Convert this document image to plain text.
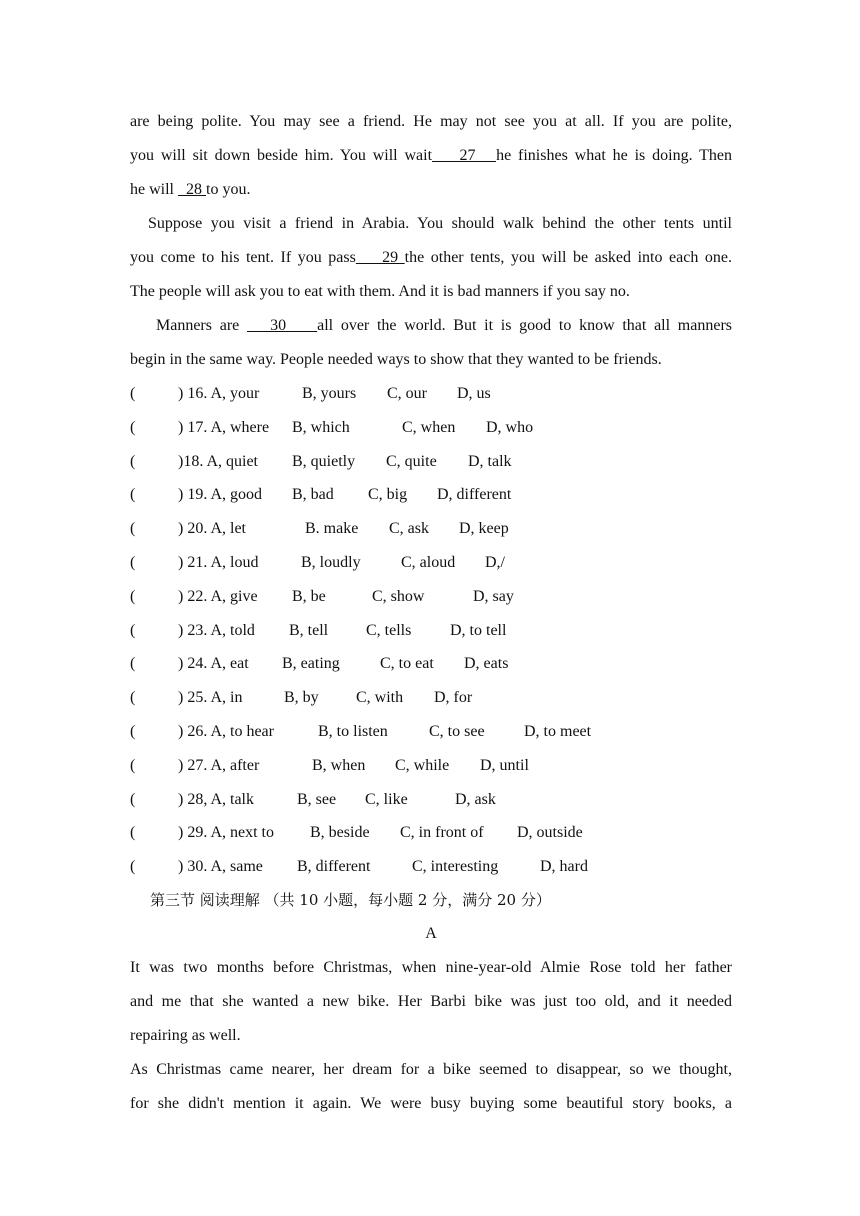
are being polite. You may see a friend. He may not see you at all. If you are polite,
you will sit down beside him. You will wait    27   he finishes what he is doing. Then
he will   28 to you.
Suppose you visit a friend in Arabia. You should walk behind the other tents until
you come to his tent. If you pass    29 the other tents, you will be asked into each one.
The people will ask you to eat with them. And it is bad manners if you say no.
Manners are    30    all over the world. But it is good to know that all manners
begin in the same way. People needed ways to show that they wanted to be friends.
(	) 16. A, your	B, yours C, our D, us
(	) 17. A, where B, which	C, when D, who
(	)18. A, quiet B, quietly C, quite D, talk
(	) 19. A, good B, bad C, big D, different
(	) 20. A, let	B. make C, ask D, keep
(	) 21. A, loud	B, loudly	C, aloud D,/
(	) 22. A, give B, be	C, show	D, say
(	) 23. A, told B, tell C, tells D, to tell
(	) 24. A, eat B, eating	C, to eat D, eats
(	) 25. A, in	B, by C, with D, for
(	) 26. A, to hear	B, to listen	C, to see D, to meet
(	) 27. A, after	B, when C, while D, until
(	) 28, A, talk	B, see C, like	D, ask
(	) 29. A, next to B, beside C, in front of D, outside
(	) 30. A, same B, different	C, interesting	D, hard
第三节 阅读理解 （共 10 小题，每小题 2 分，满分 20 分）
A
It was two months before Christmas, when nine-year-old Almie Rose told her father
and me that she wanted a new bike. Her Barbi bike was just too old, and it needed
repairing as well.
As Christmas came nearer, her dream for a bike seemed to disappear, so we thought,
for she didn't mention it again. We were busy buying some beautiful story books, a
